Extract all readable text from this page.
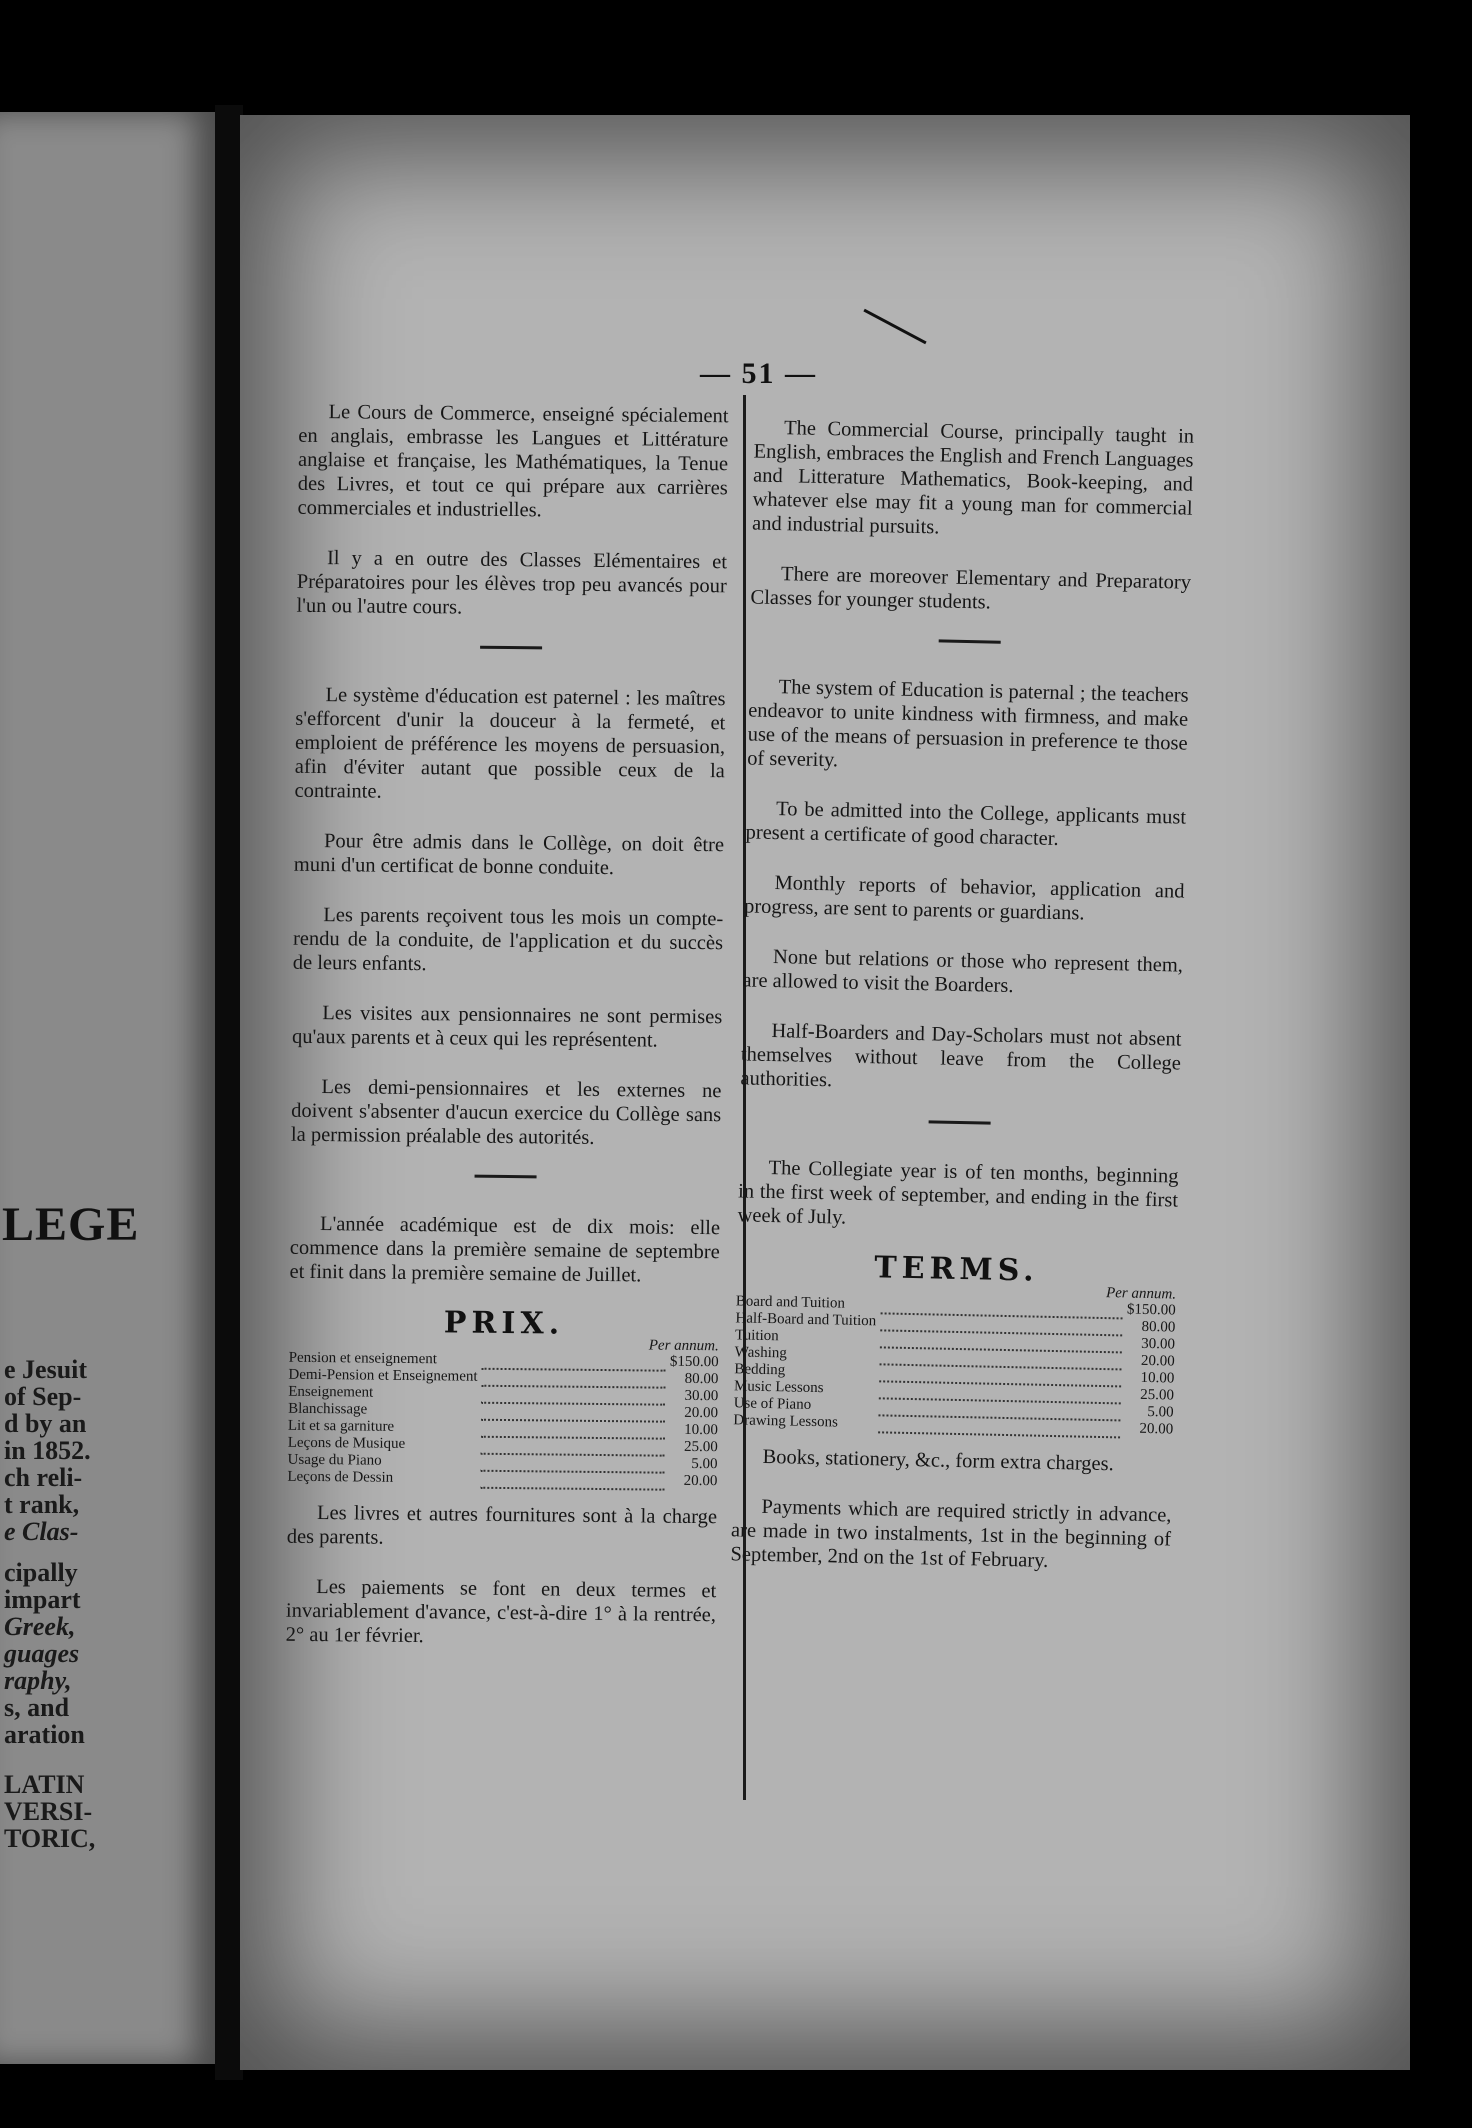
LEGE
e Jesuit
of Sep-
d by an
in 1852.
ch reli-
t rank,
e Clas-
cipally
impart
Greek,
guages
raphy,
s, and
aration
LATIN
VERSI-
TORIC,
— 51 —

Le Cours de Commerce, enseigné spécialement en anglais, embrasse les Langues et Littérature anglaise et française, les Mathématiques, la Tenue des Livres, et tout ce qui prépare aux carrières commerciales et industrielles.

Il y a en outre des Classes Elémentaires et Préparatoires pour les élèves trop peu avancés pour l'un ou l'autre cours.

Le système d'éducation est paternel : les maîtres s'efforcent d'unir la douceur à la fermeté, et emploient de préférence les moyens de persuasion, afin d'éviter autant que possible ceux de la contrainte.

Pour être admis dans le Collège, on doit être muni d'un certificat de bonne conduite.

Les parents reçoivent tous les mois un compte-rendu de la conduite, de l'application et du succès de leurs enfants.

Les visites aux pensionnaires ne sont permises qu'aux parents et à ceux qui les représentent.

Les demi-pensionnaires et les externes ne doivent s'absenter d'aucun exercice du Collège sans la permission préalable des autorités.

L'année académique est de dix mois: elle commence dans la première semaine de septembre et finit dans la première semaine de Juillet.

PRIX.
Per annum.
Pension et enseignement		$150.00
Demi-Pension et Enseignement		80.00
Enseignement		30.00
Blanchissage		20.00
Lit et sa garniture		10.00
Leçons de Musique		25.00
Usage du Piano		5.00
Leçons de Dessin		20.00

Les livres et autres fournitures sont à la charge des parents.

Les paiements se font en deux termes et invariablement d'avance, c'est-à-dire 1° à la rentrée, 2° au 1er février.

The Commercial Course, principally taught in English, embraces the English and French Languages and Litterature Mathematics, Book-keeping, and whatever else may fit a young man for commercial and industrial pursuits.

There are moreover Elementary and Preparatory Classes for younger students.

The system of Education is paternal ; the teachers endeavor to unite kindness with firmness, and make use of the means of persuasion in preference te those of severity.

To be admitted into the College, applicants must present a certificate of good character.

Monthly reports of behavior, application and progress, are sent to parents or guardians.

None but relations or those who represent them, are allowed to visit the Boarders.

Half-Boarders and Day-Scholars must not absent themselves without leave from the College authorities.

The Collegiate year is of ten months, beginning in the first week of september, and ending in the first week of July.

TERMS.
Per annum.
Board and Tuition		$150.00
Half-Board and Tuition		80.00
Tuition		30.00
Washing		20.00
Bedding		10.00
Music Lessons		25.00
Use of Piano		5.00
Drawing Lessons		20.00

Books, stationery, &c., form extra charges.

Payments which are required strictly in advance, are made in two instalments, 1st in the beginning of September, 2nd on the 1st of February.
